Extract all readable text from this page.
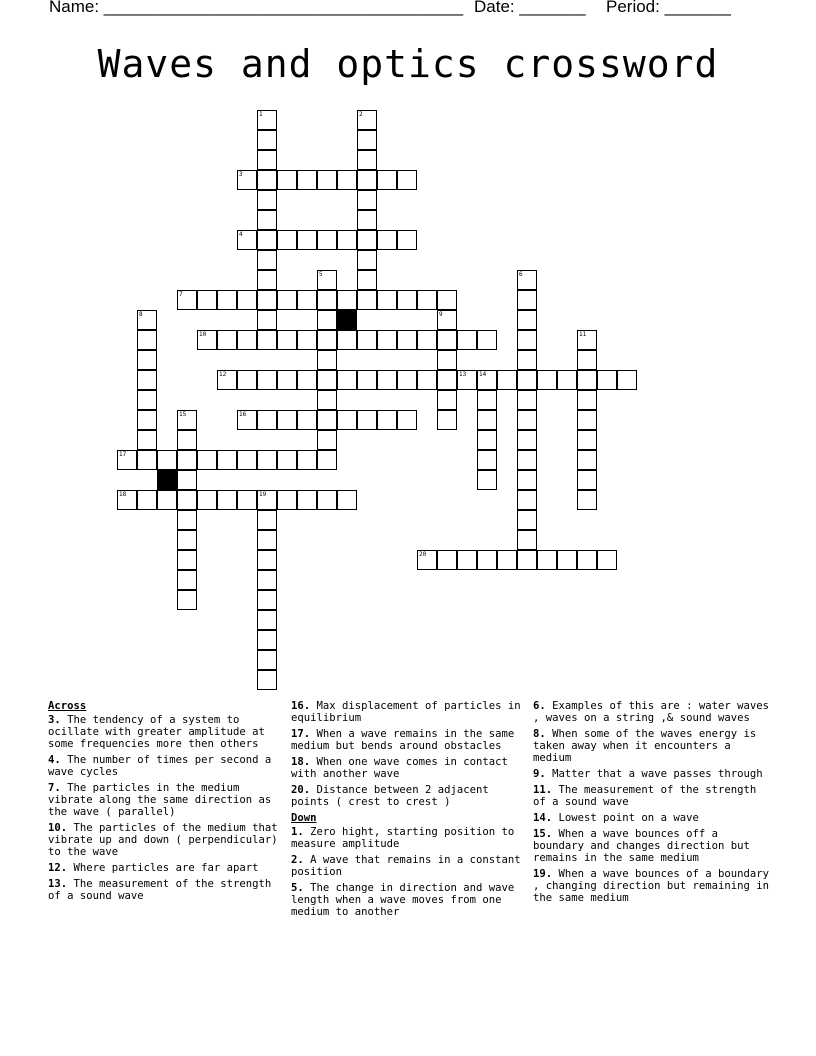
Name: ______________________________________ Date: _______ Period: _______
Waves and optics crossword
3
4
7
10
12	13 14
16
17
18	19
20
1	2
5	6
8	9
11
15
Across
3. The tendency of a system to ocillate with greater amplitude at some frequencies more then others
4. The number of times per second a wave cycles
7. The particles in the medium vibrate along the same direction as the wave ( parallel)
10. The particles of the medium that vibrate up and down ( perpendicular) to the wave
12. Where particles are far apart
13. The measurement of the strength of a sound wave
16. Max displacement of particles in equilibrium
17. When a wave remains in the same medium but bends around obstacles
18. When one wave comes in contact with another wave
20. Distance between 2 adjacent points ( crest to crest )
Down
1. Zero hight, starting position to measure amplitude
2. A wave that remains in a constant position
5. The change in direction and wave length when a wave moves from one medium to another
6. Examples of this are : water waves , waves on a string ,& sound waves
8. When some of the waves energy is taken away when it encounters a medium
9. Matter that a wave passes through
11. The measurement of the strength of a sound wave
14. Lowest point on a wave
15. When a wave bounces off a boundary and changes direction but remains in the same medium
19. When a wave bounces of a boundary , changing direction but remaining in the same medium
